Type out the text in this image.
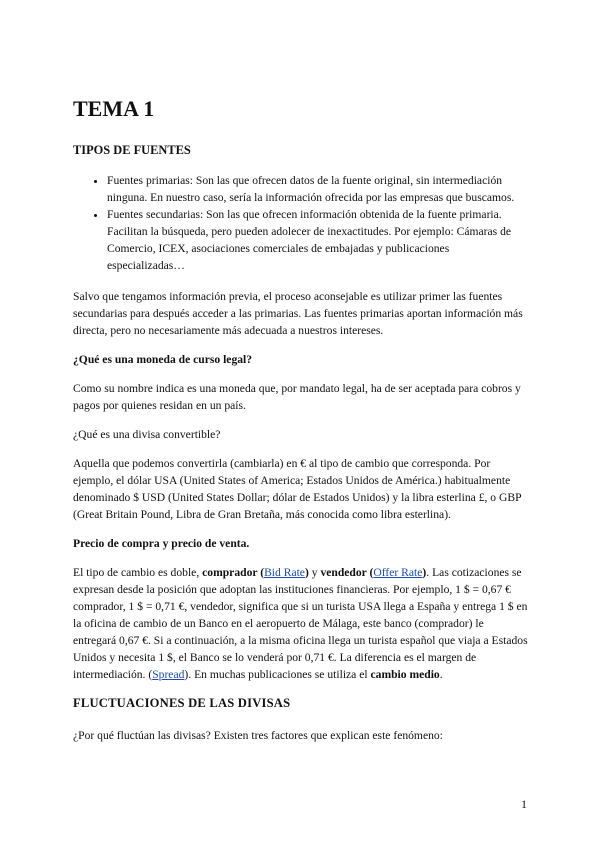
TEMA 1
TIPOS DE FUENTES
• Fuentes primarias: Son las que ofrecen datos de la fuente original, sin intermediación ninguna. En nuestro caso, sería la información ofrecida por las empresas que buscamos.
• Fuentes secundarias: Son las que ofrecen información obtenida de la fuente primaria. Facilitan la búsqueda, pero pueden adolecer de inexactitudes. Por ejemplo: Cámaras de Comercio, ICEX, asociaciones comerciales de embajadas y publicaciones especializadas…

Salvo que tengamos información previa, el proceso aconsejable es utilizar primer las fuentes secundarias para después acceder a las primarias. Las fuentes primarias aportan información más directa, pero no necesariamente más adecuada a nuestros intereses.

¿Qué es una moneda de curso legal?

Como su nombre indica es una moneda que, por mandato legal, ha de ser aceptada para cobros y pagos por quienes residan en un país.

¿Qué es una divisa convertible?

Aquella que podemos convertirla (cambiarla) en € al tipo de cambio que corresponda. Por ejemplo, el dólar USA (United States of America; Estados Unidos de América.) habitualmente denominado $ USD (United States Dollar; dólar de Estados Unidos) y la libra esterlina £, o GBP (Great Britain Pound, Libra de Gran Bretaña, más conocida como libra esterlina).

Precio de compra y precio de venta.

El tipo de cambio es doble, comprador (Bid Rate) y vendedor (Offer Rate). Las cotizaciones se expresan desde la posición que adoptan las instituciones financieras. Por ejemplo, 1 $ = 0,67 € comprador, 1 $ = 0,71 €, vendedor, significa que si un turista USA llega a España y entrega 1 $ en la oficina de cambio de un Banco en el aeropuerto de Málaga, este banco (comprador) le entregará 0,67 €. Si a continuación, a la misma oficina llega un turista español que viaja a Estados Unidos y necesita 1 $, el Banco se lo venderá por 0,71 €. La diferencia es el margen de intermediación. (Spread). En muchas publicaciones se utiliza el cambio medio.

FLUCTUACIONES DE LAS DIVISAS

¿Por qué fluctúan las divisas? Existen tres factores que explican este fenómeno:

1
